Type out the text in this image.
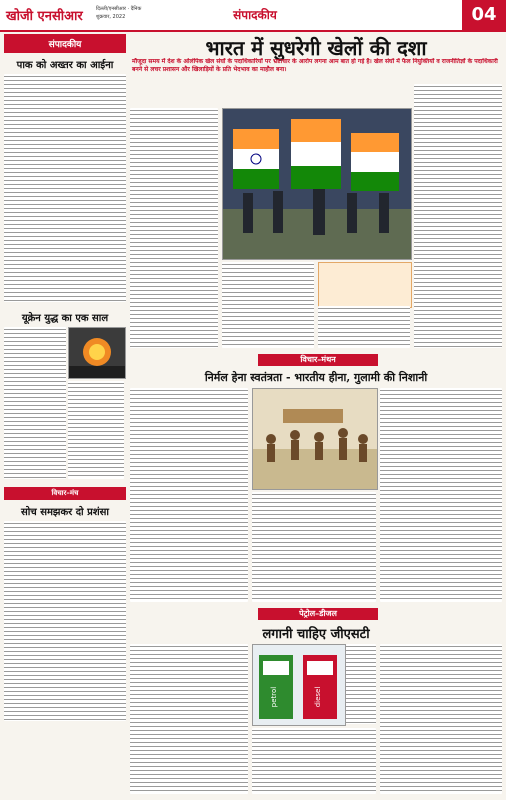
खोजी एनसीआर	दिल्ली/एनसीआर · दैनिक
शुक्रवार, 2022	संपादकीय	04
संपादकीय
पाक को अख्तर का आईना
यूक्रेन युद्ध का एक साल
विचार–मंच
सोच समझकर दो प्रशंसा
भारत में सुधरेगी खेलों की दशा
मौजूदा समय में देश के ओलंपिक खेल संघों के पदाधिकारियों पर भ्रष्टाचार के आरोप लगना आम बात हो गई है। खेल संघों में फैल नियुक्तियों व राजनीतिज्ञों के पदाधिकारी बनने से लचर प्रशासन और खिलाड़ियों के प्रति भेदभाव का माहौल बना।
विचार–मंथन
निर्मल हेना स्वतंत्रता - भारतीय हीना, गुलामी की निशानी
पेट्रोल–डीजल
लगानी चाहिए जीएसटी
petrol	diesel
